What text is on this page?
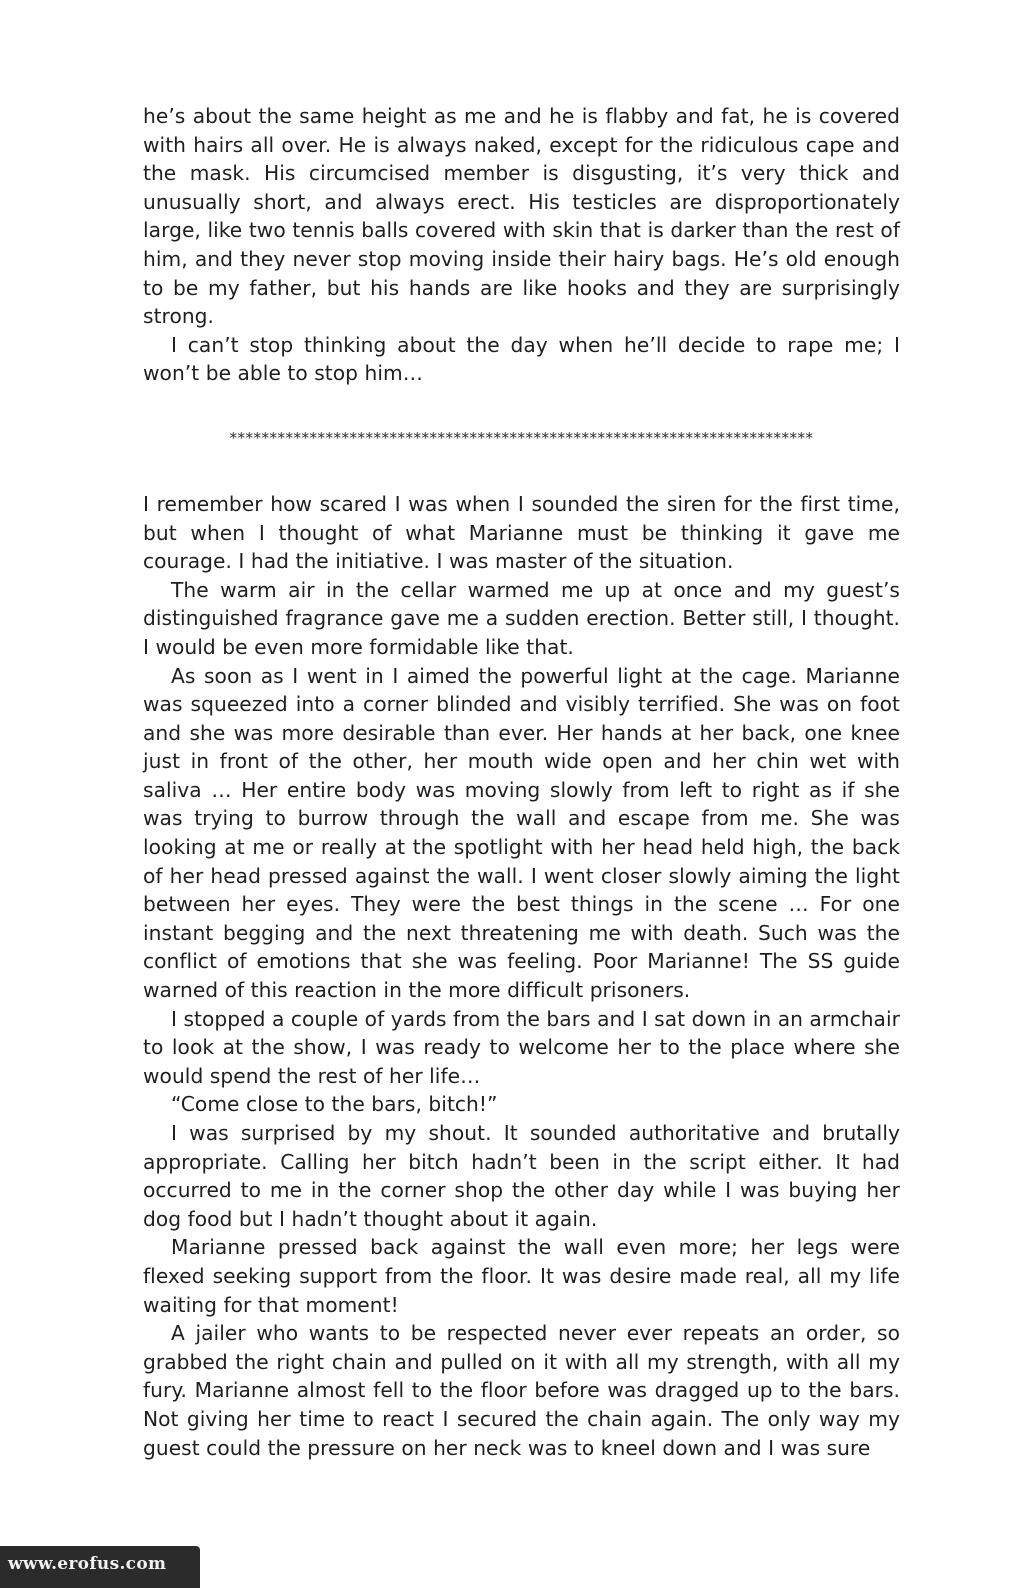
he’s about the same height as me and he is flabby and fat, he is covered with hairs all over. He is always naked, except for the ridiculous cape and the mask. His circumcised member is disgusting, it’s very thick and unusually short, and always erect. His testicles are disproportionately large, like two tennis balls covered with skin that is darker than the rest of him, and they never stop moving inside their hairy bags. He’s old enough to be my father, but his hands are like hooks and they are surprisingly strong.

I can’t stop thinking about the day when he’ll decide to rape me; I won’t be able to stop him…

*************************************************************************

I remember how scared I was when I sounded the siren for the first time, but when I thought of what Marianne must be thinking it gave me courage. I had the initiative. I was master of the situation.

The warm air in the cellar warmed me up at once and my guest’s distinguished fragrance gave me a sudden erection. Better still, I thought. I would be even more formidable like that.

As soon as I went in I aimed the powerful light at the cage. Marianne was squeezed into a corner blinded and visibly terrified. She was on foot and she was more desirable than ever. Her hands at her back, one knee just in front of the other, her mouth wide open and her chin wet with saliva … Her entire body was moving slowly from left to right as if she was trying to burrow through the wall and escape from me. She was looking at me or really at the spotlight with her head held high, the back of her head pressed against the wall. I went closer slowly aiming the light between her eyes. They were the best things in the scene … For one instant begging and the next threatening me with death. Such was the conflict of emotions that she was feeling. Poor Marianne! The SS guide warned of this reaction in the more difficult prisoners.

I stopped a couple of yards from the bars and I sat down in an armchair to look at the show, I was ready to welcome her to the place where she would spend the rest of her life…

“Come close to the bars, bitch!”

I was surprised by my shout. It sounded authoritative and brutally appropriate. Calling her bitch hadn’t been in the script either. It had occurred to me in the corner shop the other day while I was buying her dog food but I hadn’t thought about it again.

Marianne pressed back against the wall even more; her legs were flexed seeking support from the floor. It was desire made real, all my life waiting for that moment!

A jailer who wants to be respected never ever repeats an order, so grabbed the right chain and pulled on it with all my strength, with all my fury. Marianne almost fell to the floor before was dragged up to the bars. Not giving her time to react I secured the chain again. The only way my guest could the pressure on her neck was to kneel down and I was sure

www.erofus.com
